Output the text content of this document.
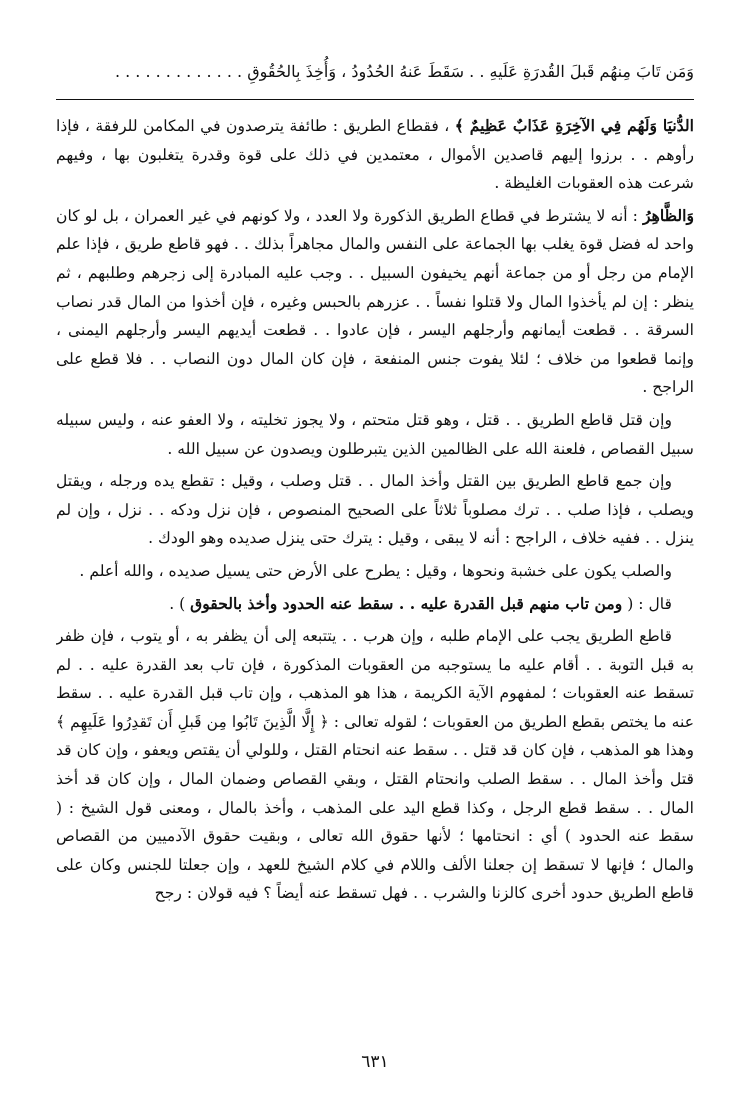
وَمَن تَابَ مِنهُم قَبلَ القُدرَةِ عَلَيهِ . . سَقَطَ عَنهُ الحُدُودُ ، وَأُخِذَ بِالحُقُوقِ . . . . . . . . . . . . .

الدُّنيَا وَلَهُم فِي الآخِرَةِ عَذَابٌ عَظِيمٌ ﴾ ، فقطاع الطريق : طائفة يترصدون في المكامن للرفقة ، فإذا رأوهم . . برزوا إليهم قاصدين الأموال ، معتمدين في ذلك على قوة وقدرة يتغلبون بها ، وفيهم شرعت هذه العقوبات الغليظة .

وَالظَّاهِرُ : أنه لا يشترط في قطاع الطريق الذكورة ولا العدد ، ولا كونهم في غير العمران ، بل لو كان واحد له فضل قوة يغلب بها الجماعة على النفس والمال مجاهراً بذلك . . فهو قاطع طريق ، فإذا علم الإمام من رجل أو من جماعة أنهم يخيفون السبيل . . وجب عليه المبادرة إلى زجرهم وطلبهم ، ثم ينظر : إن لم يأخذوا المال ولا قتلوا نفساً . . عزرهم بالحبس وغيره ، فإن أخذوا من المال قدر نصاب السرقة . . قطعت أيمانهم وأرجلهم اليسر ، فإن عادوا . . قطعت أيديهم اليسر وأرجلهم اليمنى ، وإنما قطعوا من خلاف ؛ لئلا يفوت جنس المنفعة ، فإن كان المال دون النصاب . . فلا قطع على الراجح .

وإن قتل قاطع الطريق . . قتل ، وهو قتل متحتم ، ولا يجوز تخليته ، ولا العفو عنه ، وليس سبيله سبيل القصاص ، فلعنة الله على الظالمين الذين يتبرطلون ويصدون عن سبيل الله .

وإن جمع قاطع الطريق بين القتل وأخذ المال . . قتل وصلب ، وقيل : تقطع يده ورجله ، ويقتل ويصلب ، فإذا صلب . . ترك مصلوباً ثلاثاً على الصحيح المنصوص ، فإن نزل ودكه . . نزل ، وإن لم ينزل . . ففيه خلاف ، الراجح : أنه لا يبقى ، وقيل : يترك حتى ينزل صديده وهو الودك .

والصلب يكون على خشبة ونحوها ، وقيل : يطرح على الأرض حتى يسيل صديده ، والله أعلم .

قال : ( ومن تاب منهم قبل القدرة عليه . . سقط عنه الحدود وأخذ بالحقوق ) .

قاطع الطريق يجب على الإمام طلبه ، وإن هرب . . يتتبعه إلى أن يظفر به ، أو يتوب ، فإن ظفر به قبل التوبة . . أقام عليه ما يستوجبه من العقوبات المذكورة ، فإن تاب بعد القدرة عليه . . لم تسقط عنه العقوبات ؛ لمفهوم الآية الكريمة ، هذا هو المذهب ، وإن تاب قبل القدرة عليه . . سقط عنه ما يختص بقطع الطريق من العقوبات ؛ لقوله تعالى : ﴿ إِلَّا الَّذِينَ تَابُوا مِن قَبلِ أَن تَقدِرُوا عَلَيهِم ﴾ وهذا هو المذهب ، فإن كان قد قتل . . سقط عنه انحتام القتل ، وللولي أن يقتص ويعفو ، وإن كان قد قتل وأخذ المال . . سقط الصلب وانحتام القتل ، وبقي القصاص وضمان المال ، وإن كان قد أخذ المال . . سقط قطع الرجل ، وكذا قطع اليد على المذهب ، وأخذ بالمال ، ومعنى قول الشيخ : ( سقط عنه الحدود ) أي : انحتامها ؛ لأنها حقوق الله تعالى ، وبقيت حقوق الآدميين من القصاص والمال ؛ فإنها لا تسقط إن جعلنا الألف واللام في كلام الشيخ للعهد ، وإن جعلتا للجنس وكان على قاطع الطريق حدود أخرى كالزنا والشرب . . فهل تسقط عنه أيضاً ؟ فيه قولان : رجح

٦٣١
